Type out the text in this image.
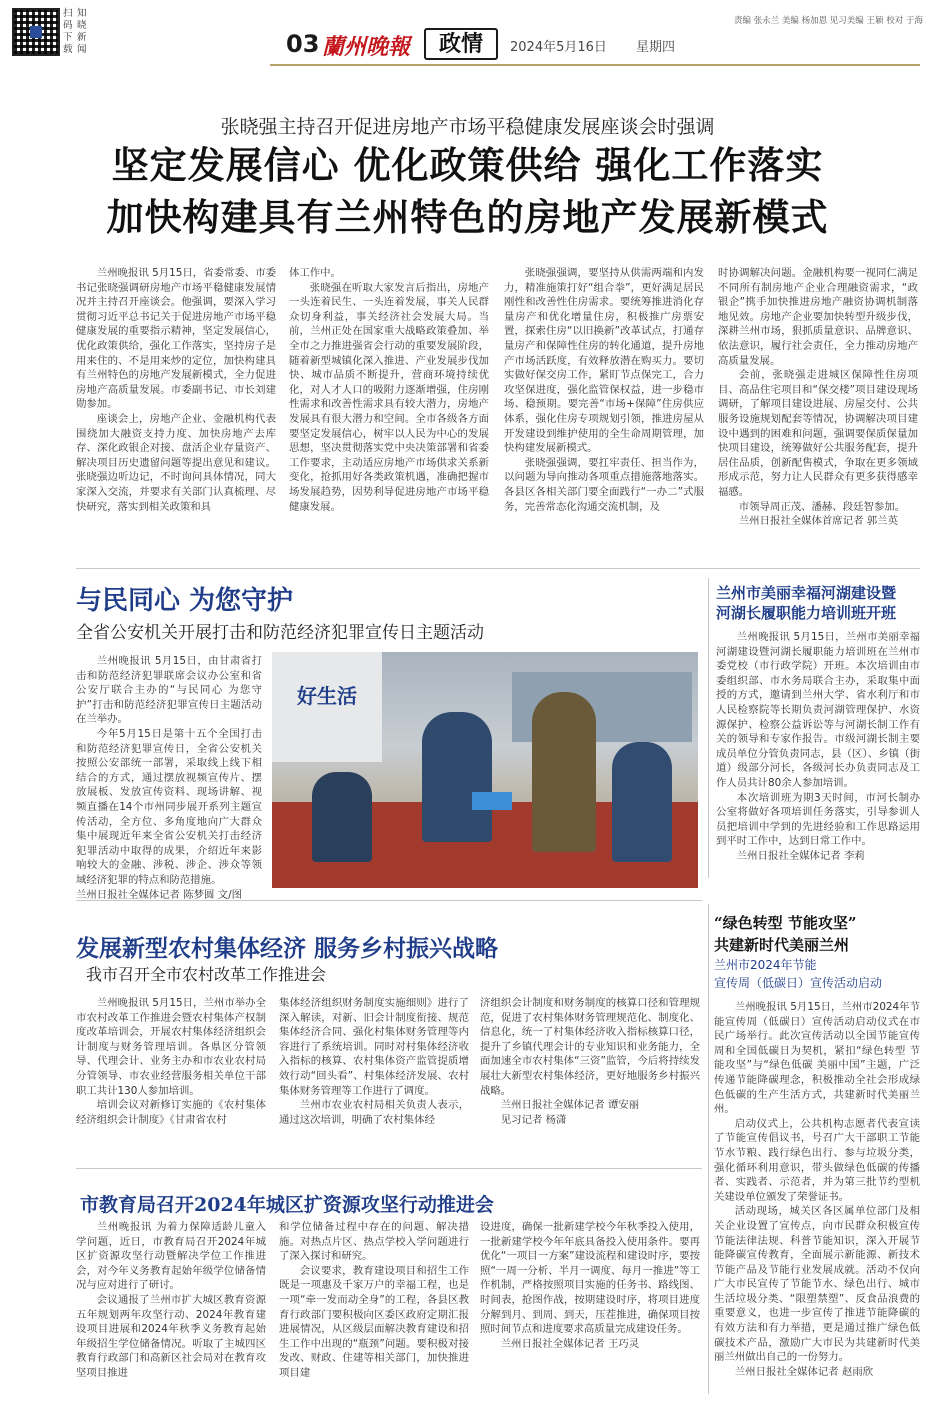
扫码下载
知晓新闻	03 蘭州晚報	政情	2024年5月16日 星期四
责编 张永兰 美编 杨加恩 见习美编 王颖 校对 于海
张晓强主持召开促进房地产市场平稳健康发展座谈会时强调
坚定发展信心 优化政策供给 强化工作落实
加快构建具有兰州特色的房地产发展新模式

兰州晚报讯 5月15日，省委常委、市委书记张晓强调研房地产市场平稳健康发展情况并主持召开座谈会。他强调，要深入学习贯彻习近平总书记关于促进房地产市场平稳健康发展的重要指示精神，坚定发展信心，优化政策供给，强化工作落实，坚持房子是用来住的、不是用来炒的定位，加快构建具有兰州特色的房地产发展新模式，全力促进房地产高质量发展。市委副书记、市长刘建勋参加。

座谈会上，房地产企业、金融机构代表围绕加大融资支持力度、加快房地产去库存、深化政银企对接、盘活企业存量资产、解决项目历史遗留问题等提出意见和建议。张晓强边听边记，不时询问具体情况，同大家深入交流，并要求有关部门认真梳理、尽快研究，落实到相关政策和具

体工作中。

张晓强在听取大家发言后指出，房地产一头连着民生、一头连着发展，事关人民群众切身利益，事关经济社会发展大局。当前，兰州正处在国家重大战略政策叠加、举全市之力推进强省会行动的重要发展阶段，随着新型城镇化深入推进、产业发展步伐加快、城市品质不断提升，营商环境持续优化，对人才人口的吸附力逐渐增强，住房刚性需求和改善性需求具有较大潜力，房地产发展具有很大潜力和空间。全市各级各方面要坚定发展信心，树牢以人民为中心的发展思想，坚决贯彻落实党中央决策部署和省委工作要求，主动适应房地产市场供求关系新变化，抢抓用好各类政策机遇，准确把握市场发展趋势，因势利导促进房地产市场平稳健康发展。

张晓强强调，要坚持从供需两端和内发力，精准施策打好“组合拳”，更好满足居民刚性和改善性住房需求。要统筹推进消化存量房产和优化增量住房，积极推广房票安置，探索住房“以旧换新”改革试点，打通存量房产和保障性住房的转化通道，提升房地产市场活跃度，有效释放潜在购买力。要切实做好保交房工作，紧盯节点保完工，合力攻坚保进度，强化监管保权益，进一步稳市场、稳预期。要完善“市场+保障”住房供应体系，强化住房专项规划引领，推进房屋从开发建设到维护使用的全生命周期管理，加快构建发展新模式。

张晓强强调，要扛牢责任、担当作为，以问题为导向推动各项重点措施落地落实。各县区各相关部门要全面践行“一办二”式服务，完善常态化沟通交流机制，及

时协调解决问题。金融机构要一视同仁满足不同所有制房地产企业合理融资需求，“政银企”携手加快推进房地产融资协调机制落地见效。房地产企业要加快转型升级步伐，深耕兰州市场，狠抓质量意识、品牌意识、依法意识，履行社会责任，全力推动房地产高质量发展。

会前，张晓强走进城区保障性住房项目、高品住宅项目和“保交楼”项目建设现场调研，了解项目建设进展、房屋交付、公共服务设施规划配套等情况，协调解决项目建设中遇到的困难和问题，强调要保质保量加快项目建设，统筹做好公共服务配套，提升居住品质，创新配售模式，争取在更多领域形成示范，努力让人民群众有更多获得感幸福感。

市领导周正茂、潘赫、段廷智参加。

兰州日报社全媒体首席记者 郭兰英

与民同心 为您守护
全省公安机关开展打击和防范经济犯罪宣传日主题活动

兰州晚报讯 5月15日，由甘肃省打击和防范经济犯罪联席会议办公室和省公安厅联合主办的“与民同心 为您守护”打击和防范经济犯罪宣传日主题活动在兰举办。

今年5月15日是第十五个全国打击和防范经济犯罪宣传日，全省公安机关按照公安部统一部署，采取线上线下相结合的方式，通过摆放视频宣传片、摆放展板、发放宣传资料、现场讲解、视频直播在14个市州同步展开系列主题宣传活动，全方位、多角度地向广大群众集中展现近年来全省公安机关打击经济犯罪活动中取得的成果，介绍近年来影响较大的金融、涉税、涉企、涉众等领域经济犯罪的特点和防范措施。

兰州日报社全媒体记者 陈梦圆 文/图

好生活
兰州市美丽幸福河湖建设暨
河湖长履职能力培训班开班

兰州晚报讯 5月15日，兰州市美丽幸福河湖建设暨河湖长履职能力培训班在兰州市委党校（市行政学院）开班。本次培训由市委组织部、市水务局联合主办，采取集中面授的方式，邀请到兰州大学、省水利厅和市人民检察院等长期负责河湖管理保护、水资源保护、检察公益诉讼等与河湖长制工作有关的领导和专家作报告。市级河湖长制主要成员单位分管负责同志，县（区）、乡镇（街道）级部分河长，各级河长办负责同志及工作人员共计80余人参加培训。

本次培训班为期3天时间，市河长制办公室将做好各项培训任务落实，引导参训人员把培训中学到的先进经验和工作思路运用到平时工作中，达到日常工作中。

兰州日报社全媒体记者 李莉

发展新型农村集体经济 服务乡村振兴战略
我市召开全市农村改革工作推进会

兰州晚报讯 5月15日，兰州市举办全市农村改革工作推进会暨农村集体产权制度改革培训会，开展农村集体经济组织会计制度与财务管理培训。各県区分管领导、代理会计、业务主办和市农业农村局分管领导、市农业经营服务相关单位干部职工共计130人参加培训。

培训会议对新修订实施的《农村集体经济组织会计制度》《甘肃省农村

集体经济组织财务制度实施细则》进行了深入解读，对新、旧会计制度衔接、规范集体经济合同、强化村集体财务管理等内容进行了系统培训。同时对村集体经济收入指标的核算、农村集体资产监管提质增效行动“回头看”、村集体经济发展、农村集体财务管理等工作进行了调度。

兰州市农业农村局相关负责人表示，通过这次培训，明确了农村集体经

济组织会计制度和财务制度的核算口径和管理规范，促进了农村集体财务管理规范化、制度化、信息化，统一了村集体经济收入指标核算口径，提升了乡镇代理会计的专业知识和业务能力，全面加速全市农村集体“三资”监管，今后将持续发展壮大新型农村集体经济，更好地服务乡村振兴战略。

兰州日报社全媒体记者 谭安丽

见习记者 杨潇

“绿色转型 节能攻坚”
共建新时代美丽兰州
兰州市2024年节能
宣传周（低碳日）宣传活动启动

兰州晚报讯 5月15日，兰州市2024年节能宣传周（低碳日）宣传活动启动仪式在市民广场举行。此次宣传活动以全国节能宣传周和全国低碳日为契机，紧扣“绿色转型 节能攻坚”与“绿色低碳 美丽中国”主题，广泛传递节能降碳理念，积极推动全社会形成绿色低碳的生产生活方式，共建新时代美丽兰州。

启动仪式上，公共机构志愿者代表宣读了节能宣传倡议书，号召广大干部职工节能节水节粮、践行绿色出行、参与垃圾分类，强化循环利用意识，带头做绿色低碳的传播者、实践者、示范者，并为第三批节约型机关建设单位颁发了荣誉证书。

活动现场，城关区各区属单位部门及相关企业设置了宣传点，向市民群众积极宣传节能法律法规、科普节能知识，深入开展节能降碳宣传教育，全面展示新能源、新技术节能产品及节能行业发展成就。活动不仅向广大市民宣传了节能节水、绿色出行、城市生活垃圾分类、“限塑禁塑”、反食品浪费的重要意义，也进一步宣传了推进节能降碳的有效方法和有力举措，更是通过推广绿色低碳技术产品，激励广大市民为共建新时代美丽兰州做出自己的一份努力。

兰州日报社全媒体记者 赵雨欣

市教育局召开2024年城区扩资源攻坚行动推进会

兰州晚报讯 为着力保障适龄儿童入学问题，近日，市教育局召开2024年城区扩资源攻坚行动暨解决学位工作推进会，对今年义务教育起始年级学位储备情况与应对进行了研讨。

会议通报了兰州市扩大城区教育资源五年规划两年攻坚行动、2024年教育建设项目进展和2024年秋季义务教育起始年级招生学位储备情况。听取了主城四区教育行政部门和高新区社会局对在教育攻坚项目推进

和学位储备过程中存在的问题、解决措施。对热点片区、热点学校入学问题进行了深入探讨和研究。

会议要求，教育建设项目和招生工作既是一项惠及千家万户的幸福工程，也是一项“牵一发而动全身”的工程，各县区教育行政部门要积极向区委区政府定期汇报进展情况，从区级层面解决教育建设和招生工作中出现的“瓶颈”问题。要积极对接发改、财政、住建等相关部门，加快推进项目建

设进度，确保一批新建学校今年秋季投入使用，一批新建学校今年年底具备投入使用条件。要再优化“一项目一方案”建设流程和建设时序，要按照“一周一分析、半月一调度、每月一推进”等工作机制，严格按照项目实施的任务书、路线图、时间表，抢图作战，按期建设时序，将项目进度分解到月、到周、到天，压茬推进，确保项目按照时间节点和进度要求高质量完成建设任务。

兰州日报社全媒体记者 王巧灵
